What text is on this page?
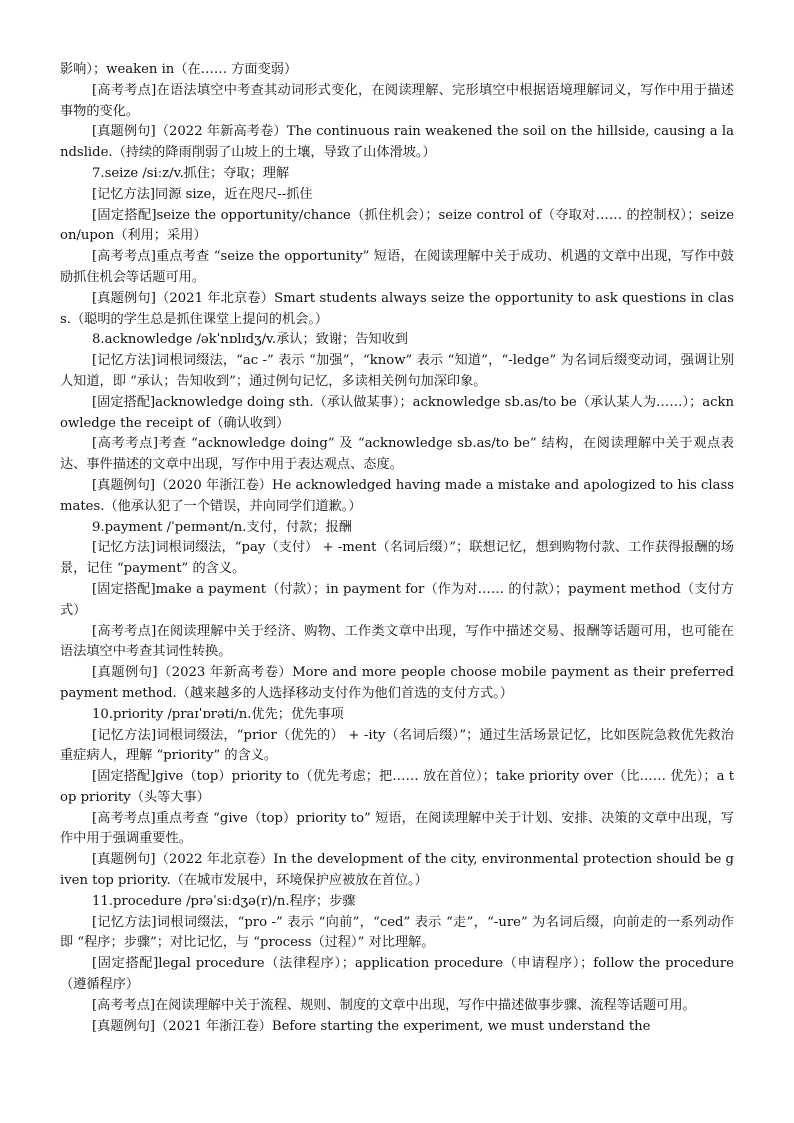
影响）；weaken in（在…… 方面变弱）

[高考考点]在语法填空中考查其动词形式变化，在阅读理解、完形填空中根据语境理解词义，写作中用于描述事物的变化。

[真题例句]（2022 年新高考卷）The continuous rain weakened the soil on the hillside, causing a landslide.（持续的降雨削弱了山坡上的土壤，导致了山体滑坡。）

7.seize /siːz/v.抓住；夺取；理解

[记忆方法]同源 size，近在咫尺--抓住

[固定搭配]seize the opportunity/chance（抓住机会）；seize control of（夺取对…… 的控制权）；seize on/upon（利用；采用）

[高考考点]重点考查 “seize the opportunity” 短语，在阅读理解中关于成功、机遇的文章中出现，写作中鼓励抓住机会等话题可用。

[真题例句]（2021 年北京卷）Smart students always seize the opportunity to ask questions in class.（聪明的学生总是抓住课堂上提问的机会。）

8.acknowledge /əkˈnɒlɪdʒ/v.承认；致谢；告知收到

[记忆方法]词根词缀法，“ac -” 表示 “加强”，“know” 表示 “知道”，“-ledge” 为名词后缀变动词，强调让别人知道，即 “承认；告知收到”；通过例句记忆，多读相关例句加深印象。

[固定搭配]acknowledge doing sth.（承认做某事）；acknowledge sb.as/to be（承认某人为……）；acknowledge the receipt of（确认收到）

[高考考点]考查 “acknowledge doing” 及 “acknowledge sb.as/to be” 结构，在阅读理解中关于观点表达、事件描述的文章中出现，写作中用于表达观点、态度。

[真题例句]（2020 年浙江卷）He acknowledged having made a mistake and apologized to his classmates.（他承认犯了一个错误，并向同学们道歉。）

9.payment /ˈpeɪmənt/n.支付，付款；报酬

[记忆方法]词根词缀法，“pay（支付） + -ment（名词后缀）”；联想记忆，想到购物付款、工作获得报酬的场景，记住 “payment” 的含义。

[固定搭配]make a payment（付款）；in payment for（作为对…… 的付款）；payment method（支付方式）

[高考考点]在阅读理解中关于经济、购物、工作类文章中出现，写作中描述交易、报酬等话题可用，也可能在语法填空中考查其词性转换。

[真题例句]（2023 年新高考卷）More and more people choose mobile payment as their preferred payment method.（越来越多的人选择移动支付作为他们首选的支付方式。）

10.priority /praɪˈɒrəti/n.优先；优先事项

[记忆方法]词根词缀法，“prior（优先的） + -ity（名词后缀）”；通过生活场景记忆，比如医院急救优先救治重症病人，理解 “priority” 的含义。

[固定搭配]give（top）priority to（优先考虑；把…… 放在首位）；take priority over（比…… 优先）；a top priority（头等大事）

[高考考点]重点考查 “give（top）priority to” 短语，在阅读理解中关于计划、安排、决策的文章中出现，写作中用于强调重要性。

[真题例句]（2022 年北京卷）In the development of the city, environmental protection should be given top priority.（在城市发展中，环境保护应被放在首位。）

11.procedure /prəˈsiːdʒə(r)/n.程序；步骤

[记忆方法]词根词缀法，“pro -” 表示 “向前”，“ced” 表示 “走”，“-ure” 为名词后缀，向前走的一系列动作即 “程序；步骤”；对比记忆，与 “process（过程）” 对比理解。

[固定搭配]legal procedure（法律程序）；application procedure（申请程序）；follow the procedure（遵循程序）

[高考考点]在阅读理解中关于流程、规则、制度的文章中出现，写作中描述做事步骤、流程等话题可用。

[真题例句]（2021 年浙江卷）Before starting the experiment, we must understand the
